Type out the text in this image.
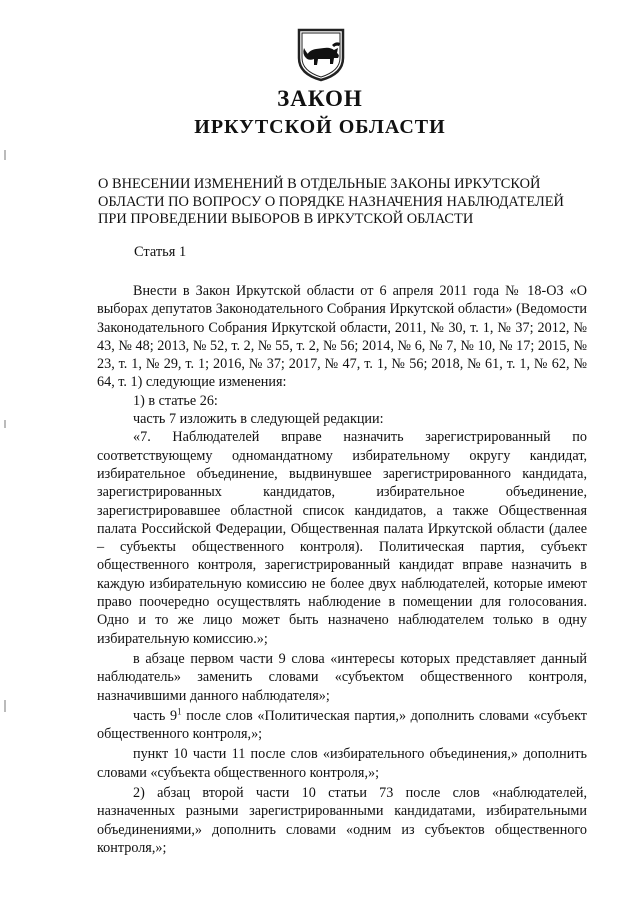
ЗАКОН
ИРКУТСКОЙ ОБЛАСТИ
О ВНЕСЕНИИ ИЗМЕНЕНИЙ В ОТДЕЛЬНЫЕ ЗАКОНЫ ИРКУТСКОЙ
ОБЛАСТИ ПО ВОПРОСУ О ПОРЯДКЕ НАЗНАЧЕНИЯ НАБЛЮДАТЕЛЕЙ
ПРИ ПРОВЕДЕНИИ ВЫБОРОВ В ИРКУТСКОЙ ОБЛАСТИ
Статья 1

Внести в Закон Иркутской области от 6 апреля 2011 года № 18-ОЗ «О выборах депутатов Законодательного Собрания Иркутской области» (Ведомости Законодательного Собрания Иркутской области, 2011, № 30, т. 1, № 37; 2012, № 43, № 48; 2013, № 52, т. 2, № 55, т. 2, № 56; 2014, № 6, № 7, № 10, № 17; 2015, № 23, т. 1, № 29, т. 1; 2016, № 37; 2017, № 47, т. 1, № 56; 2018, № 61, т. 1, № 62, № 64, т. 1) следующие изменения:

1) в статье 26:

часть 7 изложить в следующей редакции:

«7. Наблюдателей вправе назначить зарегистрированный по соответствующему одномандатному избирательному округу кандидат, избирательное объединение, выдвинувшее зарегистрированного кандидата, зарегистрированных кандидатов, избирательное объединение, зарегистрировавшее областной список кандидатов, а также Общественная палата Российской Федерации, Общественная палата Иркутской области (далее – субъекты общественного контроля). Политическая партия, субъект общественного контроля, зарегистрированный кандидат вправе назначить в каждую избирательную комиссию не более двух наблюдателей, которые имеют право поочередно осуществлять наблюдение в помещении для голосования. Одно и то же лицо может быть назначено наблюдателем только в одну избирательную комиссию.»;

в абзаце первом части 9 слова «интересы которых представляет данный наблюдатель» заменить словами «субъектом общественного контроля, назначившими данного наблюдателя»;

часть $9^1$ после слов «Политическая партия,» дополнить словами «субъект общественного контроля,»;

пункт 10 части 11 после слов «избирательного объединения,» дополнить словами «субъекта общественного контроля,»;

2) абзац второй части 10 статьи 73 после слов «наблюдателей, назначенных разными зарегистрированными кандидатами, избирательными объединениями,» дополнить словами «одним из субъектов общественного контроля,»;
